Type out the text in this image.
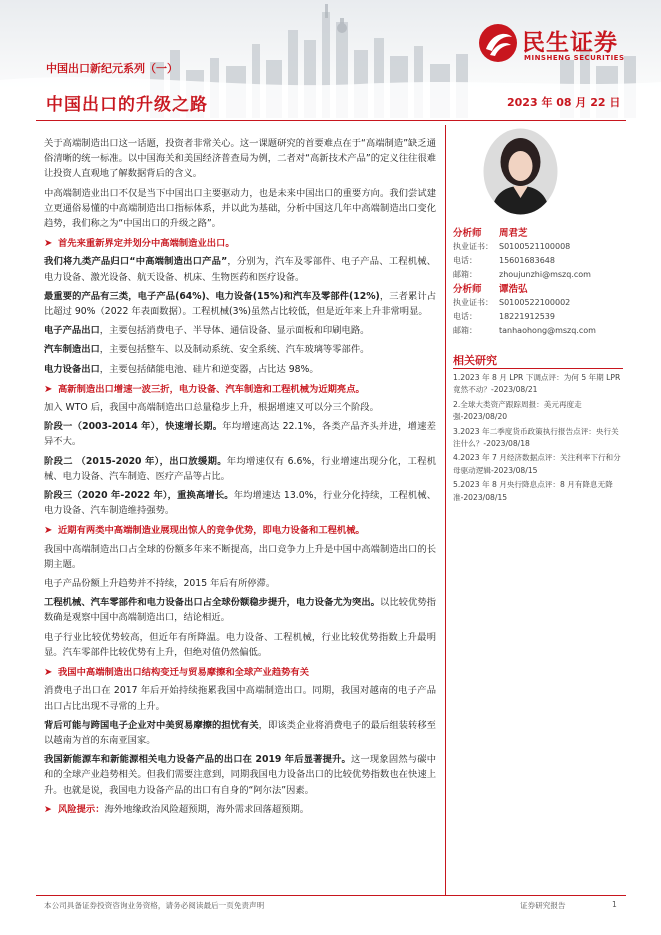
民生证券
MINSHENG SECURITIES
中国出口新纪元系列（一）
中国出口的升级之路	2023 年 08 月 22 日

关于高端制造出口这一话题，投资者非常关心。这一课题研究的首要难点在于“高端制造”缺乏通俗清晰的统一标准。以中国海关和美国经济普查局为例，二者对“高新技术产品”的定义往往很难让投资人直观地了解数据背后的含义。

中高端制造业出口不仅是当下中国出口主要驱动力，也是未来中国出口的重要方向。我们尝试建立更通俗易懂的中高端制造出口指标体系，并以此为基础，分析中国这几年中高端制造出口变化趋势，我们称之为“中国出口的升级之路”。

➤ 首先来重新界定并划分中高端制造业出口。

我们将九类产品归口“中高端制造出口产品”，分别为，汽车及零部件、电子产品、工程机械、电力设备、激光设备、航天设备、机床、生物医药和医疗设备。

最重要的产品有三类，电子产品(64%)、电力设备(15%)和汽车及零部件(12%)，三者累计占比超过 90%（2022 年表面数据）。工程机械(3%)虽然占比较低，但是近年来上升非常明显。

电子产品出口，主要包括消费电子、半导体、通信设备、显示面板和印刷电路。

汽车制造出口，主要包括整车、以及制动系统、安全系统、汽车玻璃等零部件。

电力设备出口，主要包括储能电池、硅片和逆变器，占比达 98%。

➤ 高新制造出口增速一波三折，电力设备、汽车制造和工程机械为近期亮点。

加入 WTO 后，我国中高端制造出口总量稳步上升，根据增速又可以分三个阶段。

阶段一（2003-2014 年），快速增长期。年均增速高达 22.1%，各类产品齐头并进，增速差异不大。

阶段二 （2015-2020 年），出口放缓期。年均增速仅有 6.6%，行业增速出现分化，工程机械、电力设备、汽车制造、医疗产品等占比。

阶段三（2020 年-2022 年），重换高增长。年均增速达 13.0%，行业分化持续，工程机械、电力设备、汽车制造维持强势。

➤ 近期有两类中高端制造业展现出惊人的竞争优势，即电力设备和工程机械。

我国中高端制造出口占全球的份额多年来不断提高，出口竞争力上升是中国中高端制造出口的长期主题。

电子产品份额上升趋势并不持续，2015 年后有所停滞。

工程机械、汽车零部件和电力设备出口占全球份额稳步提升，电力设备尤为突出。以比较优势指数确是观察中国中高端制造出口，结论相近。

电子行业比较优势较高，但近年有所降温。电力设备、工程机械，行业比较优势指数上升最明显。汽车零部件比较优势有上升，但绝对值仍然偏低。

➤ 我国中高端制造出口结构变迁与贸易摩擦和全球产业趋势有关

消费电子出口在 2017 年后开始持续拖累我国中高端制造出口。同期，我国对越南的电子产品出口占比出现不寻常的上升。

背后可能与跨国电子企业对中美贸易摩擦的担忧有关，即该类企业将消费电子的最后组装转移至以越南为首的东南亚国家。

我国新能源车和新能源相关电力设备产品的出口在 2019 年后显著提升。这一现象固然与碳中和的全球产业趋势相关。但我们需要注意到，同期我国电力设备出口的比较优势指数也在快速上升。也就是说，我国电力设备产品的出口有自身的“阿尔法”因素。

➤ 风险提示：海外地缘政治风险超预期，海外需求回落超预期。
分析师	周君芝
执业证书： S0100521100008
电话：	15601683648
邮箱：	zhoujunzhi@mszq.com
分析师	谭浩弘
执业证书： S0100522100002
电话：	18221912539
邮箱：	tanhaohong@mszq.com
相关研究
1.2023 年 8 月 LPR 下调点评：为何 5 年期 LPR 竟然不动？-2023/08/21
2.全球大类资产跟踪周报：美元再度走强-2023/08/20
3.2023 年二季度货币政策执行报告点评：央行关注什么？-2023/08/18
4.2023 年 7 月经济数据点评：关注利率下行和分母驱动逻辑-2023/08/15
5.2023 年 8 月央行降息点评：8 月有降息无降准-2023/08/15
本公司具备证券投资咨询业务资格，请务必阅读最后一页免责声明	证券研究报告	1
